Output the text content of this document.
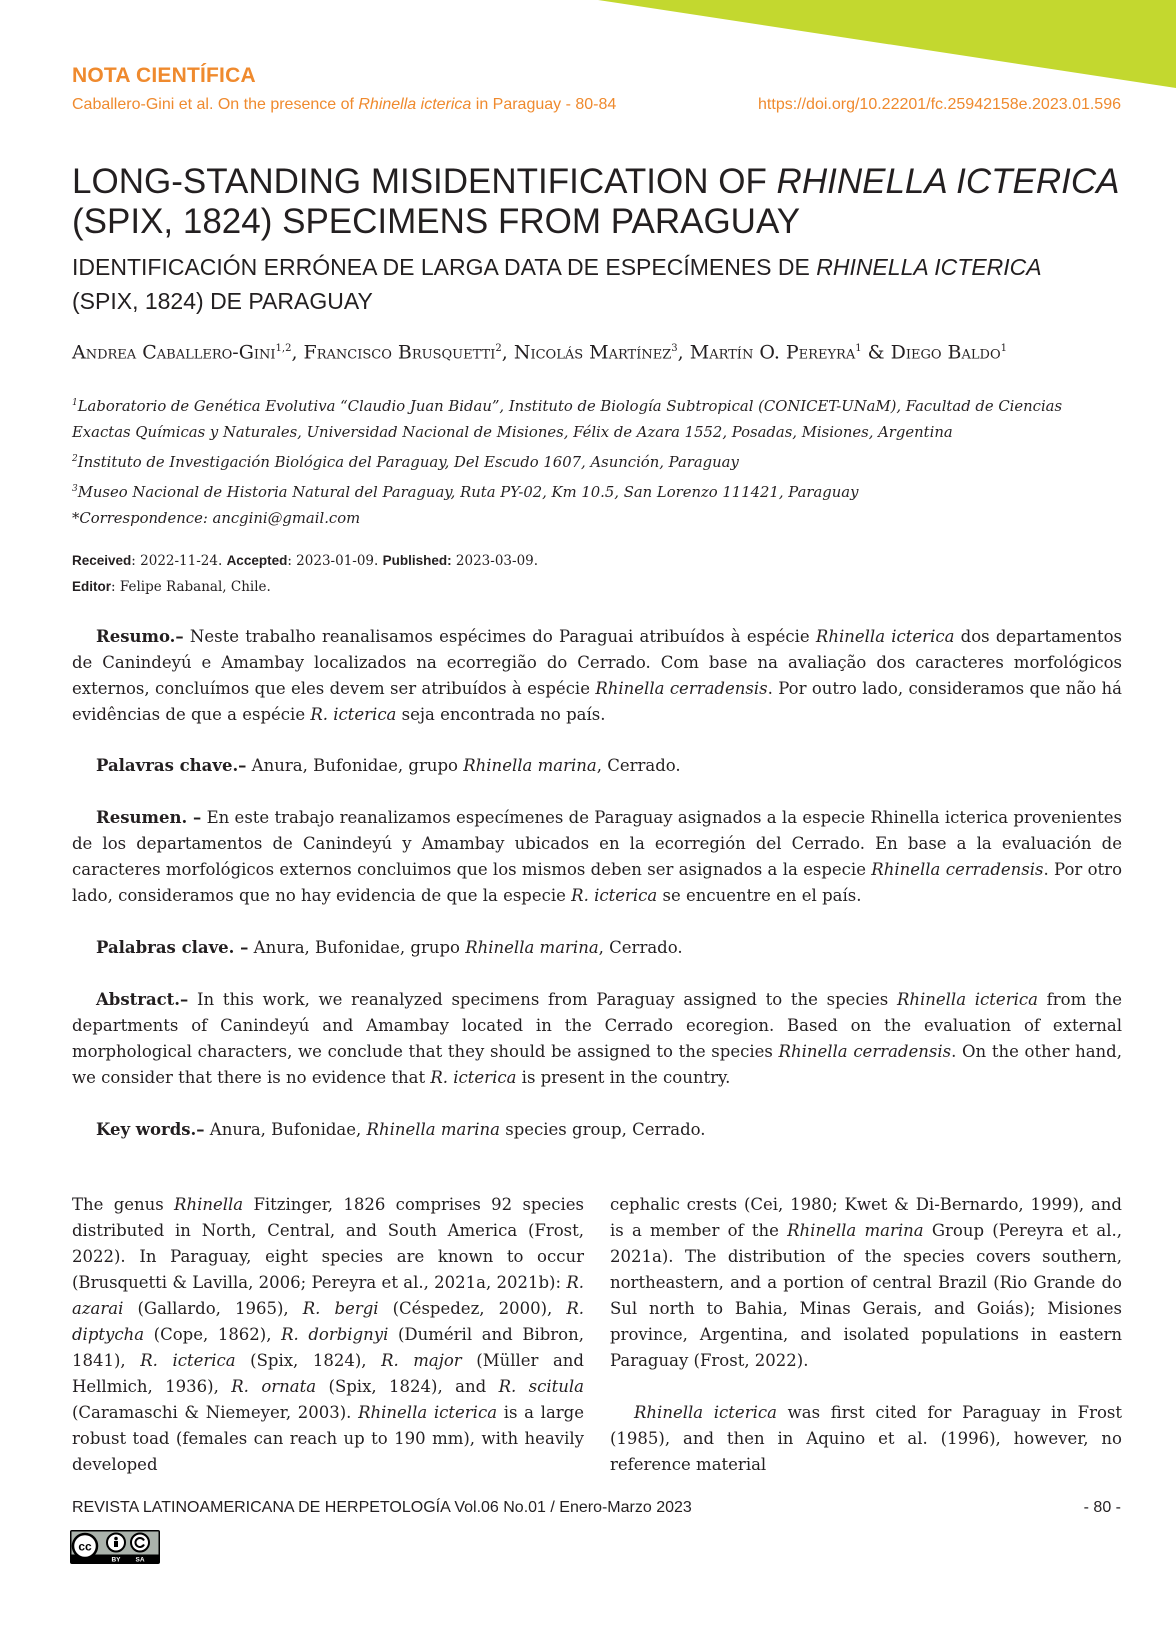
NOTA CIENTÍFICA
Caballero-Gini et al. On the presence of Rhinella icterica in Paraguay - 80-84	https://doi.org/10.22201/fc.25942158e.2023.01.596
LONG-STANDING MISIDENTIFICATION OF RHINELLA ICTERICA (SPIX, 1824) SPECIMENS FROM PARAGUAY
IDENTIFICACIÓN ERRÓNEA DE LARGA DATA DE ESPECÍMENES DE RHINELLA ICTERICA (SPIX, 1824) DE PARAGUAY
Andrea Caballero-Gini$^{1,2}$, Francisco Brusquetti$^2$, Nicolás Martínez$^3$, Martín O. Pereyra$^1$ & Diego Baldo$^1$
$^1$Laboratorio de Genética Evolutiva “Claudio Juan Bidau”, Instituto de Biología Subtropical (CONICET-UNaM), Facultad de Ciencias Exactas Químicas y Naturales, Universidad Nacional de Misiones, Félix de Azara 1552, Posadas, Misiones, Argentina
$^2$Instituto de Investigación Biológica del Paraguay, Del Escudo 1607, Asunción, Paraguay
$^3$Museo Nacional de Historia Natural del Paraguay, Ruta PY-02, Km 10.5, San Lorenzo 111421, Paraguay
*Correspondence: ancgini@gmail.com
Received: 2022-11-24. Accepted: 2023-01-09. Published: 2023-03-09.
Editor: Felipe Rabanal, Chile.

Resumo.– Neste trabalho reanalisamos espécimes do Paraguai atribuídos à espécie Rhinella icterica dos departamentos de Canindeyú e Amambay localizados na ecorregião do Cerrado. Com base na avaliação dos caracteres morfológicos externos, concluímos que eles devem ser atribuídos à espécie Rhinella cerradensis. Por outro lado, consideramos que não há evidências de que a espécie R. icterica seja encontrada no país.

Palavras chave.– Anura, Bufonidae, grupo Rhinella marina, Cerrado.

Resumen. – En este trabajo reanalizamos especímenes de Paraguay asignados a la especie Rhinella icterica provenientes de los departamentos de Canindeyú y Amambay ubicados en la ecorregión del Cerrado. En base a la evaluación de caracteres morfológicos externos concluimos que los mismos deben ser asignados a la especie Rhinella cerradensis. Por otro lado, consideramos que no hay evidencia de que la especie R. icterica se encuentre en el país.

Palabras clave. – Anura, Bufonidae, grupo Rhinella marina, Cerrado.

Abstract.– In this work, we reanalyzed specimens from Paraguay assigned to the species Rhinella icterica from the departments of Canindeyú and Amambay located in the Cerrado ecoregion. Based on the evaluation of external morphological characters, we conclude that they should be assigned to the species Rhinella cerradensis. On the other hand, we consider that there is no evidence that R. icterica is present in the country.

Key words.– Anura, Bufonidae, Rhinella marina species group, Cerrado.

The genus Rhinella Fitzinger, 1826 comprises 92 species distributed in North, Central, and South America (Frost, 2022). In Paraguay, eight species are known to occur (Brusquetti & Lavilla, 2006; Pereyra et al., 2021a, 2021b): R. azarai (Gallardo, 1965), R. bergi (Céspedez, 2000), R. diptycha (Cope, 1862), R. dorbignyi (Duméril and Bibron, 1841), R. icterica (Spix, 1824), R. major (Müller and Hellmich, 1936), R. ornata (Spix, 1824), and R. scitula (Caramaschi & Niemeyer, 2003). Rhinella icterica is a large robust toad (females can reach up to 190 mm), with heavily developed

cephalic crests (Cei, 1980; Kwet & Di-Bernardo, 1999), and is a member of the Rhinella marina Group (Pereyra et al., 2021a). The distribution of the species covers southern, northeastern, and a portion of central Brazil (Rio Grande do Sul north to Bahia, Minas Gerais, and Goiás); Misiones province, Argentina, and isolated populations in eastern Paraguay (Frost, 2022).

Rhinella icterica was first cited for Paraguay in Frost (1985), and then in Aquino et al. (1996), however, no reference material

REVISTA LATINOAMERICANA DE HERPETOLOGÍA Vol.06 No.01 / Enero-Marzo 2023	- 80 -
cc
BY SA
